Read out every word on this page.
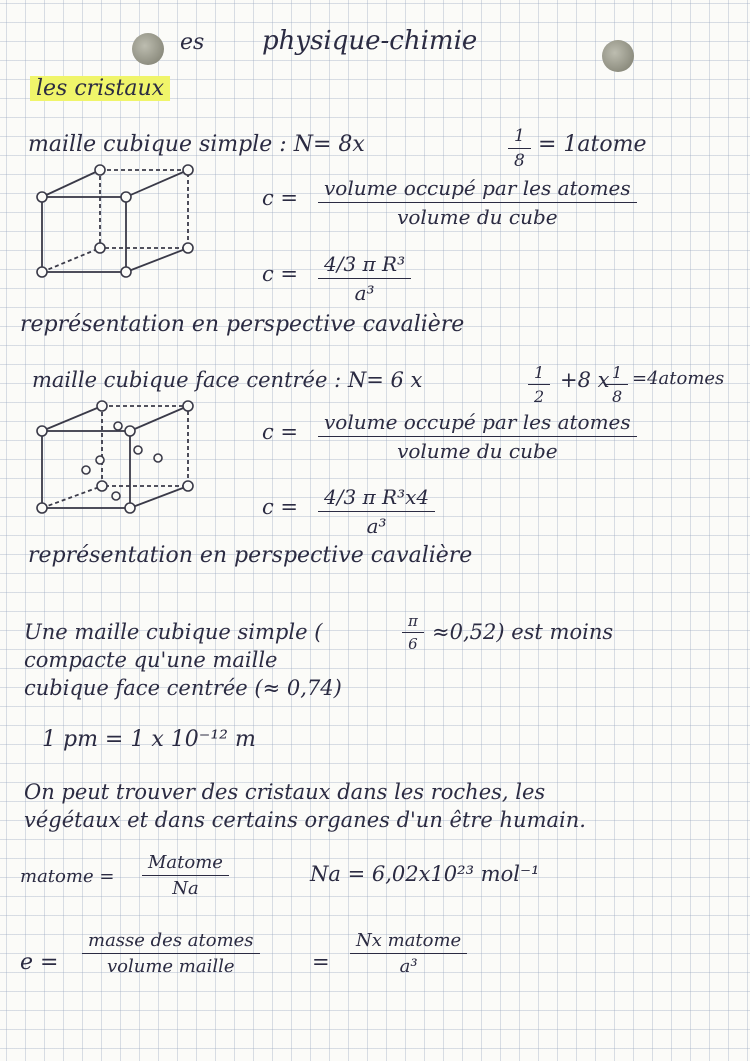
es physique-chimie
les cristaux
maille cubique simple : N= 8x	$\frac{1}{8}$ = 1atome
c =	volume occupé par les atomes
volume du cube
$c = \frac{\text{4/3 π R³}}{\text{a³}}$
représentation en perspective cavalière
maille cubique face centrée : N= 6 x	$\frac{1}{2} +8$ x
$\frac{1}{8}$ =4atomes
c =	volume occupé par les atomes
volume du cube
$c = \frac{\text{4/3 π R³x4}}{\text{a³}}$
représentation en perspective cavalière
Une maille cubique simple (	$\frac{\pi}{6} \approx 0,52$) est moins
compacte qu'une maille
cubique face centrée (≈ 0,74)
1 pm = 1 x 10⁻¹² m
On peut trouver des cristaux dans les roches, les
végétaux et dans certains organes d'un être humain.
matome =
Matome
Na
Na = 6,02x10²³ mol⁻¹
e =
masse des atomes
volume maille	=
Nx matome
a³
